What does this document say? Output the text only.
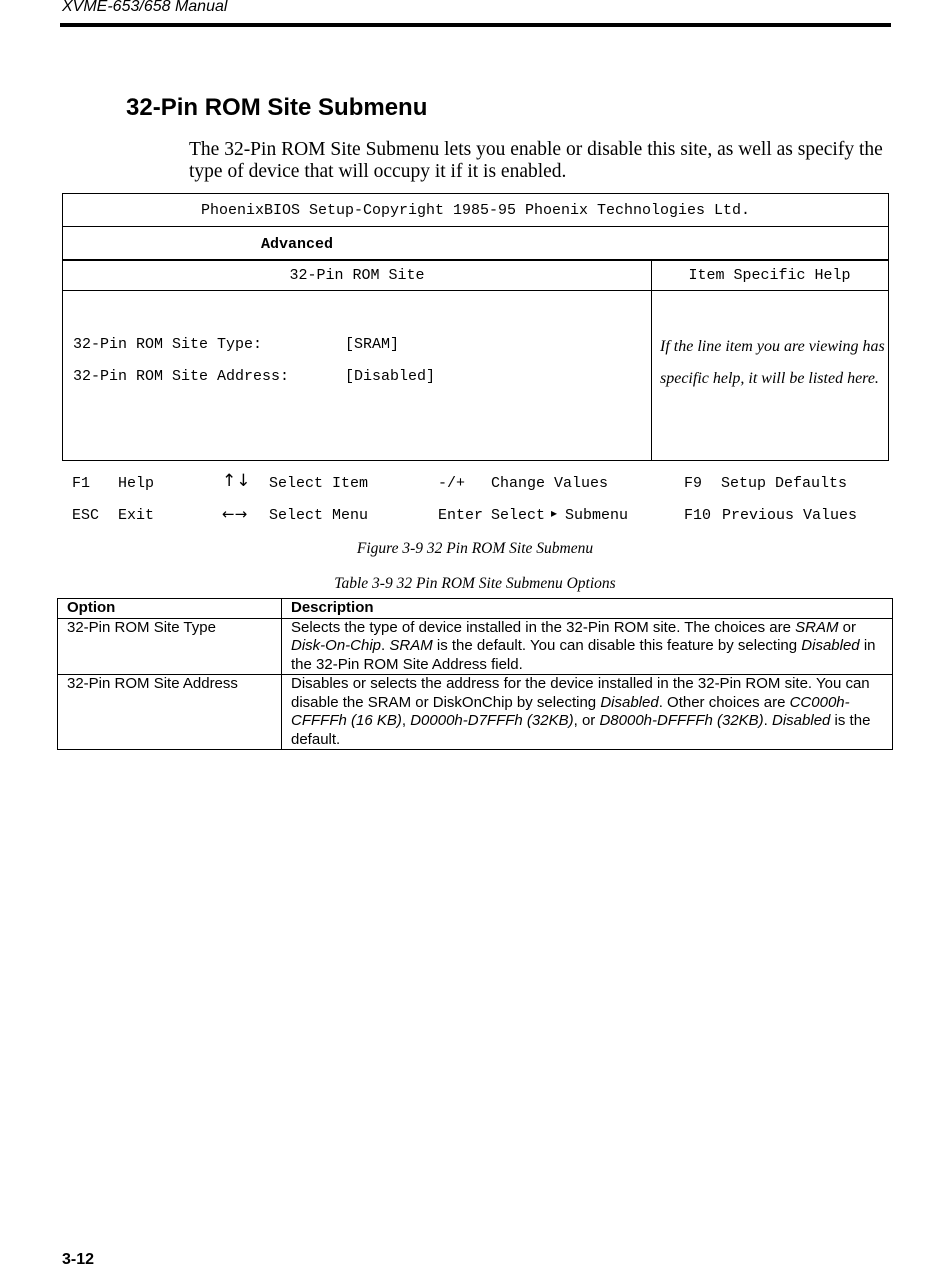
XVME-653/658 Manual
32-Pin ROM Site Submenu

The 32-Pin ROM Site Submenu lets you enable or disable this site, as well as specify the type of device that will occupy it if it is enabled.

PhoenixBIOS Setup-Copyright 1985-95 Phoenix Technologies Ltd.
Advanced
32-Pin ROM Site	Item Specific Help
32-Pin ROM Site Type:	[SRAM]
32-Pin ROM Site Address:	[Disabled]
If the line item you are viewing has specific help, it will be listed here.
F1 Help	↑↓ Select Item	-/+ Change Values	F9 Setup Defaults
ESC Exit	←→ Select Menu	Enter Select ▸ Submenu	F10 Previous Values
Figure 3-9 32 Pin ROM Site Submenu
Table 3-9 32 Pin ROM Site Submenu Options
Option	Description
32-Pin ROM Site Type	Selects the type of device installed in the 32-Pin ROM site. The choices are SRAM or Disk-On-Chip. SRAM is the default. You can disable this feature by selecting Disabled in the 32-Pin ROM Site Address field.
32-Pin ROM Site Address	Disables or selects the address for the device installed in the 32-Pin ROM site. You can disable the SRAM or DiskOnChip by selecting Disabled. Other choices are CC000h-CFFFFh (16 KB), D0000h-D7FFFh (32KB), or D8000h-DFFFFh (32KB). Disabled is the default.
3-12
